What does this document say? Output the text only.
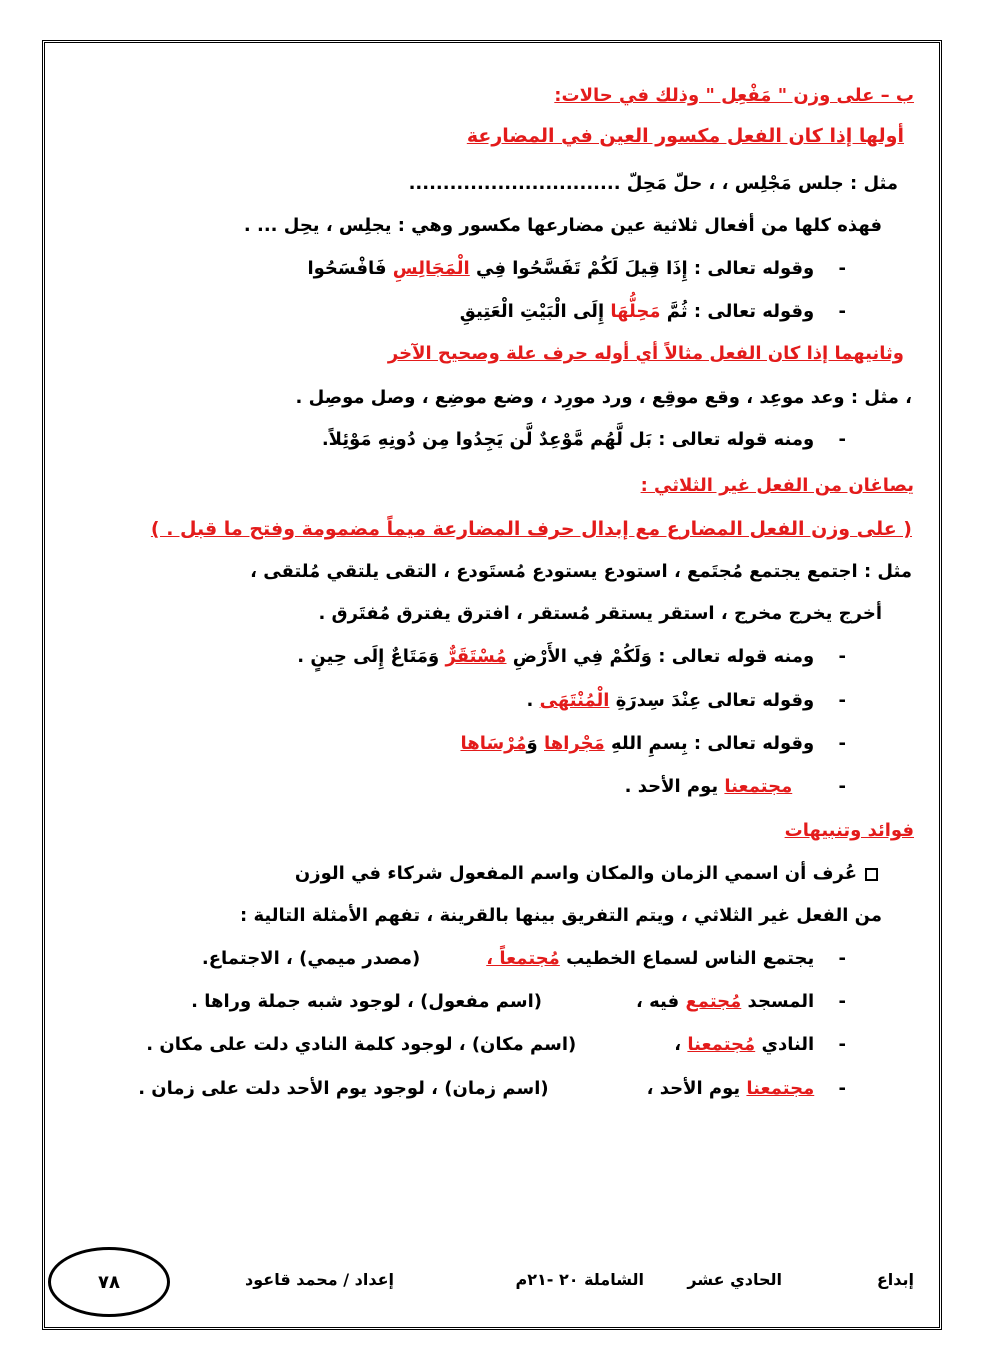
ب – على وزن " مَفْعِل " وذلك في حالات:
أولها إذا كان الفعل مكسور العين في المضارعة
مثل : جلس مَجْلِس ، ، حلّ مَحِلّ ...............................
فهذه كلها من أفعال ثلاثية عين مضارعها مكسور وهي : يجلِس ، يحِل ... .
- وقوله تعالى : إِذَا قِيلَ لَكُمْ تَفَسَّحُوا فِي الْمَجَالِسِ فَافْسَحُوا
- وقوله تعالى : ثُمَّ مَحِلُّهَا إِلَى الْبَيْتِ الْعَتِيقِ
وثانيهما إذا كان الفعل مثالاً أي أوله حرف علة وصحيح الآخر
، مثل : وعد موعِد ، وقع موقِع ، ورد مورِد ، وضع موضِع ، وصل موصِل .
- ومنه قوله تعالى : بَل لَّهُم مَّوْعِدٌ لَّن يَجِدُوا مِن دُونِهِ مَوْئِلاً.
يصاغان من الفعل غير الثلاثي :
( على وزن الفعل المضارع مع إبدال حرف المضارعة ميماً مضمومة وفتح ما قبل . )
مثل : اجتمع يجتمع مُجتَمع ، استودع يستودع مُستَودع ، التقى يلتقي مُلتقى ،
أخرج يخرج مخرج ، استقر يستقر مُستقر ، افترق يفترق مُفتَرق .
- ومنه قوله تعالى : وَلَكُمْ فِي الأَرْضِ مُسْتَقَرٌّ وَمَتَاعٌ إِلَى حِينٍ .
- وقوله تعالى عِنْدَ سِدرَةِ الْمُنْتَهَى .
- وقوله تعالى : بِسمِ اللهِ مَجْراها وَمُرْسَاها
- مجتمعنا يوم الأحد .
فوائد وتنبيهات
عُرف أن اسمي الزمان والمكان واسم المفعول شركاء في الوزن
من الفعل غير الثلاثي ، ويتم التفريق بينها بالقرينة ، تفهم الأمثلة التالية :
- يجتمع الناس لسماع الخطيب مُجتمعاً ،(مصدر ميمي) ، الاجتماع.
- المسجد مُجتمع فيه ،(اسم مفعول) ، لوجود شبه جملة وراها .
- النادي مُجتمعنا ،(اسم مكان) ، لوجود كلمة النادي دلت على مكان .
- مجتمعنا يوم الأحد ،(اسم زمان) ، لوجود يوم الأحد دلت على زمان .
إبداع
الحادي عشر
الشاملة ٢٠ -٢١م
إعداد / محمد قاعود
٧٨
